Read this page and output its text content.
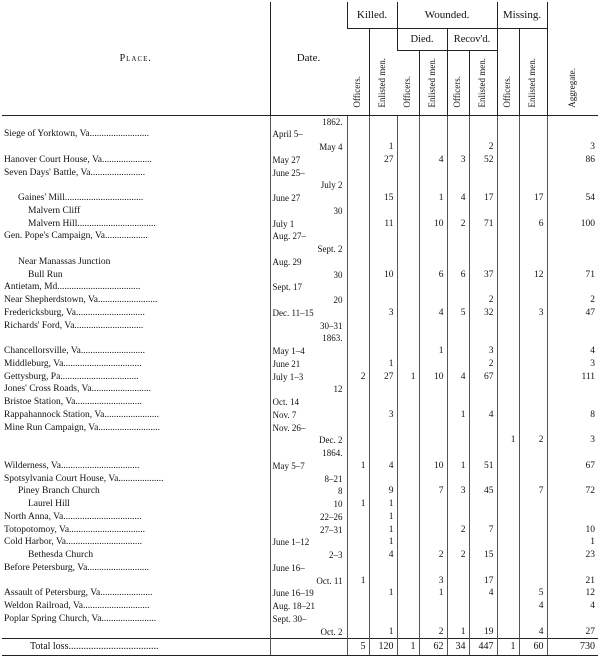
Place.	Date.	Killed.		Wounded.				Missing.		Aggregate.
		Officers.	Enlisted men.	Died.		Recov'd.		Officers.	Enlisted men.	
				Officers.	Enlisted men.	Officers.	Enlisted men.			
	1862.									
Siege of Yorktown, Va.........................	April 5–									
	May 4		1				2			3
Hanover Court House, Va.....................	May 27		27		4	3	52			86
Seven Days' Battle, Va.......................	June 25–									
	July 2									
Gaines' Mill.................................	June 27		15		1	4	17		17	54
Malvern Cliff	30									
Malvern Hill.................................	July 1		11		10	2	71		6	100
Gen. Pope's Campaign, Va..................	Aug. 27–									
	Sept. 2									
Near Manassas Junction	Aug. 29									
Bull Run	30		10		6	6	37		12	71
Antietam, Md...................................	Sept. 17									
Near Shepherdstown, Va.........................	20						2			2
Fredericksburg, Va.............................	Dec. 11–15		3		4	5	32		3	47
Richards' Ford, Va.............................	30–31									
	1863.									
Chancellorsville, Va...........................	May 1–4				1		3			4
Middleburg, Va.................................	June 21		1				2			3
Gettysburg, Pa.................................	July 1–3	2	27	1	10	4	67			111
Jones' Cross Roads, Va.........................	12									
Bristoe Station, Va............................	Oct. 14									
Rappahannock Station, Va.......................	Nov. 7		3			1	4			8
Mine Run Campaign, Va..........................	Nov. 26–									
	Dec. 2							1	2	3
	1864.									
Wilderness, Va.................................	May 5–7	1	4		10	1	51			67
Spotsylvania Court House, Va...................	8–21									
Piney Branch Church	8		9		7	3	45		7	72
Laurel Hill	10	1	1							
North Anna, Va.................................	22–26		1							
Totopotomoy, Va................................	27–31		1			2	7			10
Cold Harbor, Va................................	June 1–12		1							1
Bethesda Church	2–3		4		2	2	15			23
Before Petersburg, Va..........................	June 16–									
	Oct. 11	1			3		17			21
Assault of Petersburg, Va......................	June 16–19		1		1		4		5	12
Weldon Railroad, Va............................	Aug. 18–21								4	4
Poplar Spring Church, Va.......................	Sept. 30–									
	Oct. 2		1		2	1	19		4	27
Total loss....................................		5	120	1	62	34	447	1	60	730
